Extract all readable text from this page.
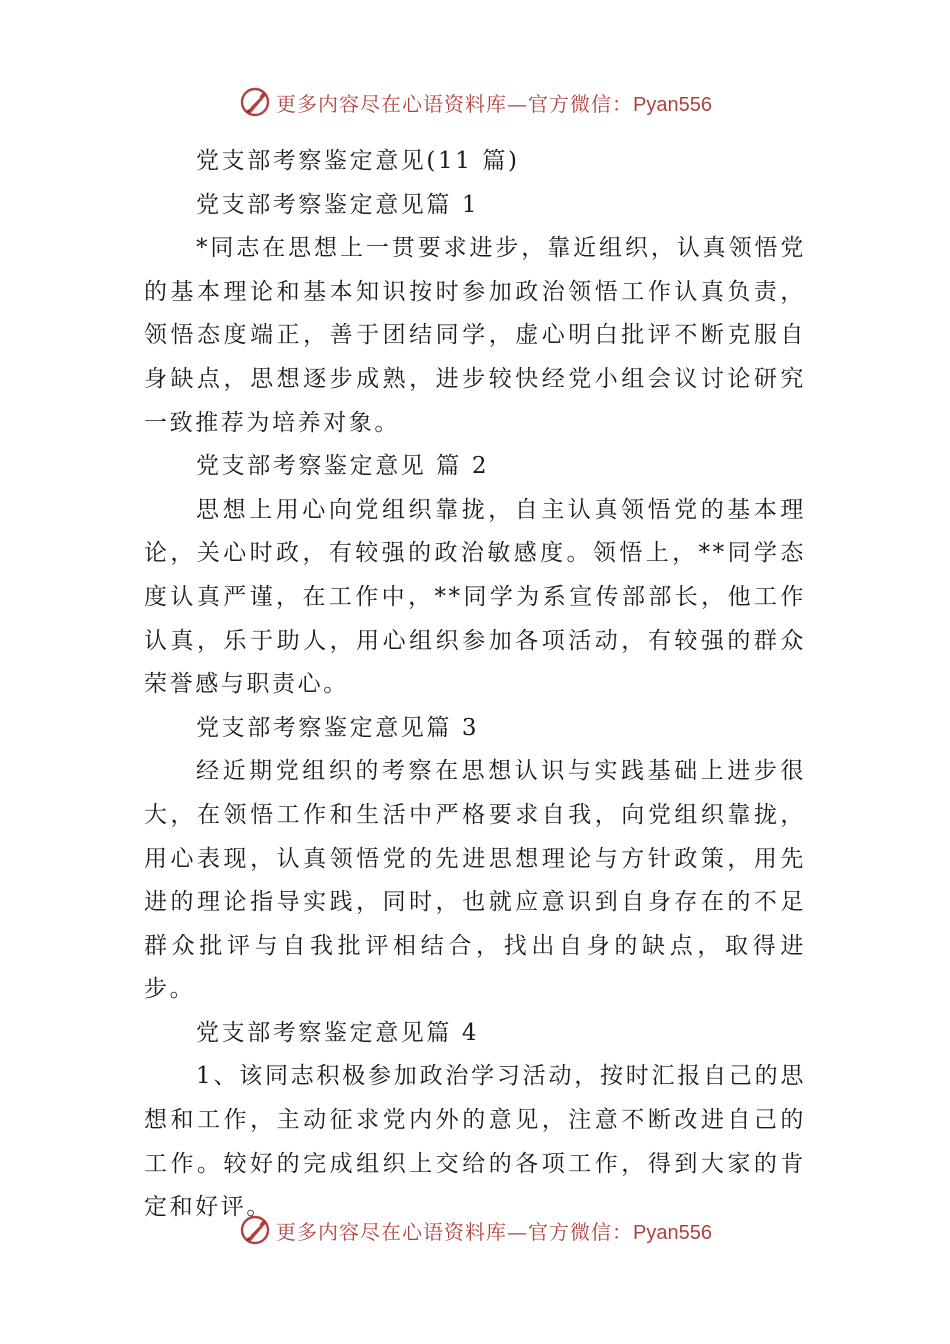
更多内容尽在心语资料库—官方微信：Pyan556

党支部考察鉴定意见(11 篇)

党支部考察鉴定意见篇 1

*同志在思想上一贯要求进步，靠近组织，认真领悟党的基本理论和基本知识按时参加政治领悟工作认真负责，领悟态度端正，善于团结同学，虚心明白批评不断克服自身缺点，思想逐步成熟，进步较快经党小组会议讨论研究一致推荐为培养对象。

党支部考察鉴定意见 篇 2

思想上用心向党组织靠拢，自主认真领悟党的基本理论，关心时政，有较强的政治敏感度。领悟上，**同学态度认真严谨，在工作中，**同学为系宣传部部长，他工作认真，乐于助人，用心组织参加各项活动，有较强的群众荣誉感与职责心。

党支部考察鉴定意见篇 3

经近期党组织的考察在思想认识与实践基础上进步很大，在领悟工作和生活中严格要求自我，向党组织靠拢，用心表现，认真领悟党的先进思想理论与方针政策，用先进的理论指导实践，同时，也就应意识到自身存在的不足群众批评与自我批评相结合，找出自身的缺点，取得进步。

党支部考察鉴定意见篇 4

1、该同志积极参加政治学习活动，按时汇报自己的思想和工作，主动征求党内外的意见，注意不断改进自己的工作。较好的完成组织上交给的各项工作，得到大家的肯定和好评。

更多内容尽在心语资料库—官方微信：Pyan556
